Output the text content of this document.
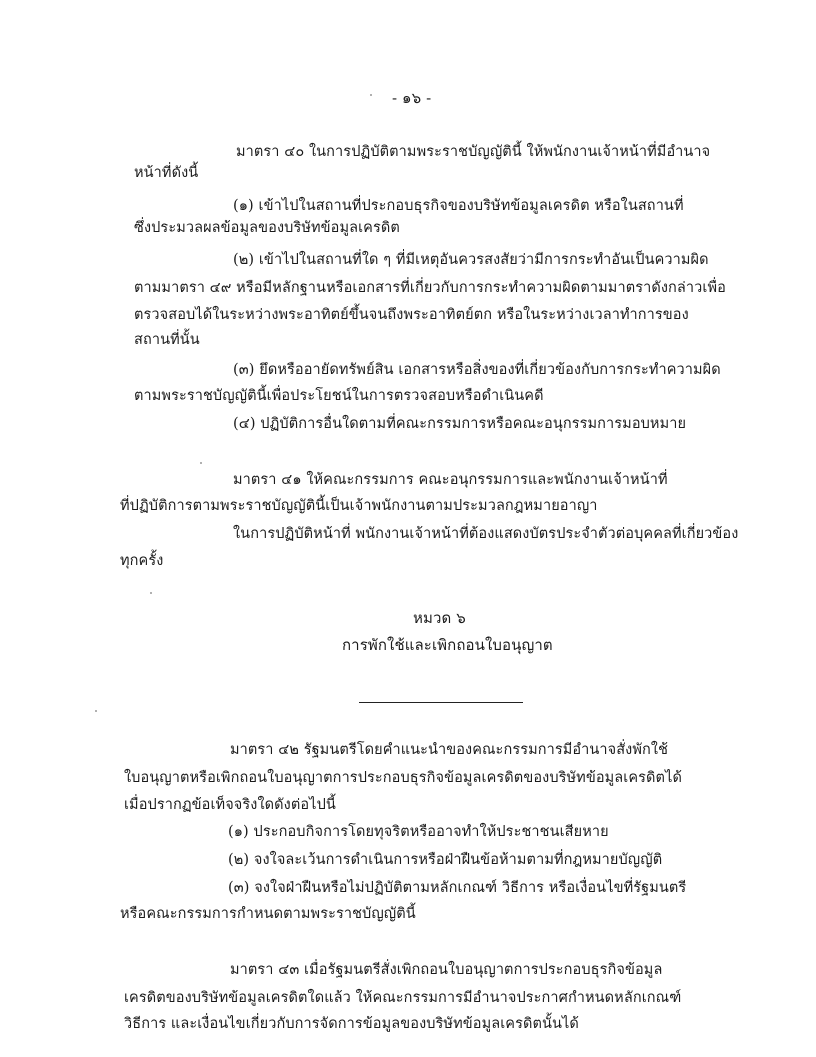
- ๑๖ -
มาตรา ๔๐ ในการปฏิบัติตามพระราชบัญญัตินี้ ให้พนักงานเจ้าหน้าที่มีอำนาจ
หน้าที่ดังนี้
(๑) เข้าไปในสถานที่ประกอบธุรกิจของบริษัทข้อมูลเครดิต หรือในสถานที่
ซึ่งประมวลผลข้อมูลของบริษัทข้อมูลเครดิต
(๒) เข้าไปในสถานที่ใด ๆ ที่มีเหตุอันควรสงสัยว่ามีการกระทำอันเป็นความผิด
ตามมาตรา ๔๙ หรือมีหลักฐานหรือเอกสารที่เกี่ยวกับการกระทำความผิดตามมาตราดังกล่าวเพื่อ
ตรวจสอบได้ในระหว่างพระอาทิตย์ขึ้นจนถึงพระอาทิตย์ตก หรือในระหว่างเวลาทำการของ
สถานที่นั้น
(๓) ยึดหรืออายัดทรัพย์สิน เอกสารหรือสิ่งของที่เกี่ยวข้องกับการกระทำความผิด
ตามพระราชบัญญัตินี้เพื่อประโยชน์ในการตรวจสอบหรือดำเนินคดี
(๔) ปฏิบัติการอื่นใดตามที่คณะกรรมการหรือคณะอนุกรรมการมอบหมาย
มาตรา ๔๑ ให้คณะกรรมการ คณะอนุกรรมการและพนักงานเจ้าหน้าที่
ที่ปฏิบัติการตามพระราชบัญญัตินี้เป็นเจ้าพนักงานตามประมวลกฎหมายอาญา
ในการปฏิบัติหน้าที่ พนักงานเจ้าหน้าที่ต้องแสดงบัตรประจำตัวต่อบุคคลที่เกี่ยวข้อง
ทุกครั้ง
หมวด ๖
การพักใช้และเพิกถอนใบอนุญาต
มาตรา ๔๒ รัฐมนตรีโดยคำแนะนำของคณะกรรมการมีอำนาจสั่งพักใช้
ใบอนุญาตหรือเพิกถอนใบอนุญาตการประกอบธุรกิจข้อมูลเครดิตของบริษัทข้อมูลเครดิตได้
เมื่อปรากฏข้อเท็จจริงใดดังต่อไปนี้
(๑) ประกอบกิจการโดยทุจริตหรืออาจทำให้ประชาชนเสียหาย
(๒) จงใจละเว้นการดำเนินการหรือฝ่าฝืนข้อห้ามตามที่กฎหมายบัญญัติ
(๓) จงใจฝ่าฝืนหรือไม่ปฏิบัติตามหลักเกณฑ์ วิธีการ หรือเงื่อนไขที่รัฐมนตรี
หรือคณะกรรมการกำหนดตามพระราชบัญญัตินี้
มาตรา ๔๓ เมื่อรัฐมนตรีสั่งเพิกถอนใบอนุญาตการประกอบธุรกิจข้อมูล
เครดิตของบริษัทข้อมูลเครดิตใดแล้ว ให้คณะกรรมการมีอำนาจประกาศกำหนดหลักเกณฑ์
วิธีการ และเงื่อนไขเกี่ยวกับการจัดการข้อมูลของบริษัทข้อมูลเครดิตนั้นได้
